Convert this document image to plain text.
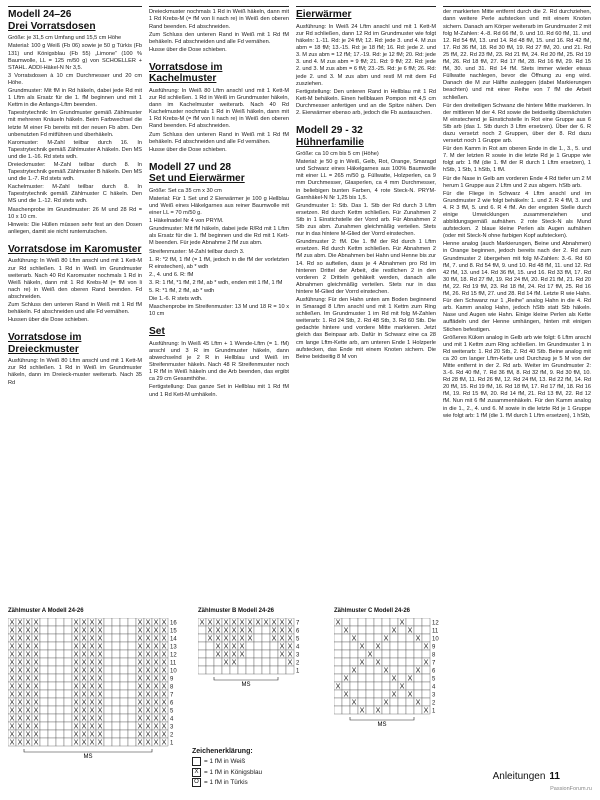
Modell 24–26
Drei Vorratsdosen

Größe: je 31,5 cm Umfang und 15,5 cm Höhe

Material: 100 g Weiß (Fb 06) sowie je 50 g Türkis (Fb 131) und Königsblau (Fb 55) „Limone“ (100 % Baumwolle, LL = 125 m/50 g) von SCHOELLER + STAHL. ADDI-Häkel-N Nr 3,5.

3 Vorratsdosen à 10 cm Durchmesser und 20 cm Höhe.

Grundmuster: Mit fM in Rd häkeln, dabei jede Rd mit 1 Lftm als Ersatz für die 1. fM beginnen und mit 1 Kettm in die Anfangs-Lftm beenden.

Tapestrytechnik: Im Grundmuster gemäß Zählmuster mit mehreren Knäueln häkeln. Beim Farbwechsel die letzte M einer Fb bereits mit der neuen Fb abm. Den unbenutzten Fd mitführen und überhäkeln.

Karomuster: M-Zahl teilbar durch 16. In Tapestrytechnik gemäß Zählmuster A häkeln. Den MS und die 1.-16. Rd stets wdh.

Dreieckmuster: M-Zahl teilbar durch 8. In Tapestrytechnik gemäß Zählmuster B häkeln. Den MS und die 1.-7. Rd stets wdh.

Kachelmuster: M-Zahl teilbar durch 8. In Tapestrytechnik gemäß Zählmuster C häkeln. Den MS und die 1.-12. Rd stets wdh.

Maschenprobe im Grundmuster: 26 M und 28 Rd = 10 x 10 cm.

Hinweis: Die Hüllen müssen sehr fest an den Dosen anliegen, damit sie nicht runterrutschen.

Vorratsdose im Karomuster

Ausführung: In Weiß 80 Lftm anschl und mit 1 Kett-M zur Rd schließen. 1 Rd in Weiß im Grundmuster weiterarb. Nach 40 Rd Karomuster nochmals 1 Rd in Weiß häkeln, dann mit 1 Rd Krebs-M (= fM von li nach re) in Weiß den oberen Rand beenden. Fd abschneiden.

Zum Schluss den unteren Rand in Weiß mit 1 Rd fM behäkeln. Fd abschneiden und alle Fd vernähen.

Hussen über die Dose schieben.

Vorratsdose im Dreieckmuster

Ausführung: In Weiß 80 Lftm anschl und mit 1 Kett-M zur Rd schließen. 1 Rd in Weiß im Grundmuster häkeln, dann im Dreieck-muster weiterarb. Nach 35 Rd

Dreieckmuster nochmals 1 Rd in Weiß häkeln, dann mit 1 Rd Krebs-M (= fM von li nach re) in Weiß den oberen Rand beenden. Fd abschneiden.

Zum Schluss den unteren Rand in Weiß mit 1 Rd fM behäkeln. Fd abschneiden und alle Fd vernähen.

Husse über die Dose schieben.

Vorratsdose im Kachelmuster

Ausführung: In Weiß 80 Lftm anschl und mit 1 Kett-M zur Rd schließen. 1 Rd in Weiß im Grundmuster häkeln, dann im Kachelmuster weiterarb. Nach 40 Rd Kachelmuster nochmals 1 Rd in Weiß häkeln, dann mit 1 Rd Krebs-M (= fM von li nach re) in Weiß den oberen Rand beenden. Fd abschneiden.

Zum Schluss den unteren Rand in Weiß mit 1 Rd fM behäkeln. Fd abschneiden und alle Fd vernähen.

Husse über die Dose schieben.

Modell 27 und 28
Set und Eierwärmer

Größe: Set ca 35 cm x 30 cm

Material: Für 1 Set und 2 Eierwärmer je 100 g Hellblau und Weiß eines Häkelgarnes aus reiner Baumwolle mit einer LL = 70 m/50 g.

1 Häkelnadel Nr 4 von PRYM.

Grundmuster: Mit fM häkeln, dabei jede R/Rd mit 1 Lftm als Ersatz für die 1. fM beginnen und die Rd mit 1 Kett-M beenden. Für jede Abnahme 2 fM zus abm.

Streifenmuster: M-Zahl teilbar durch 3.

1. R: *2 fM, 1 fM (= 1 fM, jedoch in die fM der vorletzten R einstechen), ab * wdh

2., 4. und 6. R: fM

3. R: 1 fM, *1 fM, 2 fM, ab * wdh, enden mit 1 fM, 1 fM

5. R: *1 fM, 2 fM, ab * wdh

Die 1.-6. R stets wdh.

Maschenprobe im Streifenmuster: 13 M und 18 R = 10 x 10 cm

Set

Ausführung: In Weiß 45 Lftm + 1 Wende-Lftm (= 1. fM) anschl und 3 R im Grundmuster häkeln, dann abwechselnd je 2 R in Hellblau und Weiß im Streifenmuster häkeln. Nach 48 R Streifenmuster noch 1 R fM in Weiß häkeln und die Arb beenden, das ergibt ca 29 cm Gesamthöhe.

Fertigstellung: Das ganze Set in Hellblau mit 1 Rd fM und 1 Rd Kett-M umhäkeln.

Eierwärmer

Ausführung: In Weiß 24 Lftm anschl und mit 1 Kett-M zur Rd schließen, dann 12 Rd im Grundmuster wie folgt häkeln: 1.-11. Rd: je 24 fM; 12. Rd: jede 3. und 4. M zus abm = 18 fM; 13.-15. Rd: je 18 fM; 16. Rd: jede 2. und 3. M zus abm = 12 fM; 17.-19. Rd: je 12 fM; 20. Rd: jede 3. und 4. M zus abm = 9 fM; 21. Rd: 9 fM; 22. Rd: jede 2. und 3. M zus abm = 6 fM; 23.-25. Rd: je 6 fM; 26. Rd: jede 2. und 3. M zus abm und restl M mit dem Fd zusziehen.

Fertigstellung: Den unteren Rand in Hellblau mit 1 Rd Kett-M behäkeln. Einen hellblauen Pompon mit 4,5 cm Durchmesser anfertigen und an die Spitze nähen. Den 2. Eierwärmer ebenso arb, jedoch die Fb austauschen.

Modell 29 - 32
Hühnerfamilie

Größe: ca 10 cm bis 5 cm (Höhe)

Material: je 50 g in Weiß, Gelb, Rot, Orange, Smaragd und Schwarz eines Häkelgarnes aus 100% Baumwolle mit einer LL = 265 m/50 g. Füllwatte, Holzperlen, ca 9 mm Durchmesser, Glasperlen, ca 4 mm Durchmesser, in beliebigen bunten Farben, 4 rote Steck-N. PRYM-Garnhäkel-N Nr 1,25 bis 1,5.

Grundmuster 1: Stb. Das 1. Stb der Rd durch 3 Lftm ersetzen. Rd durch Kettm schließen. Für Zunahmen 2 Stb in 1 Einstichstelle der Vorrd arb. Für Abnahmen 2 Stb zus abm. Zunahmen gleichmäßig verteilen. Stets nur in das hintere M-Glied der Vorrd einstechen.

Grundmuster 2: fM. Die 1. fM der Rd durch 1 Lftm ersetzen. Rd durch Kettm schließen. Für Abnahmen 2 fM zus abm. Die Abnahmen bei Hahn und Henne bis zur 14. Rd so aufteilen, dass je 4 Abnahmen pro Rd im hinteren Drittel der Arbeit, die restlichen 2 in den vorderen 2 Dritteln gehäkelt werden, danach alle Abnahmen gleichmäßig verteilen. Stets nur in das hintere M-Glied der Vorrd einstechen.

Ausführung: Für den Hahn unten am Boden beginnend in Smaragd 8 Lftm anschl und mit 1 Kettm zum Ring schließen. Im Grundmuster 1 im Rd mit folg M-Zahlen weiterarb: 1. Rd 24 Stb, 2. Rd 48 Stb, 3. Rd 60 Stb. Die gedachte hintere und vordere Mitte markieren. Jetzt gleich das Beinpaar arb. Dafür in Schwarz eine ca 28 cm lange Lftm-Kette arb, am unteren Ende 1 Holzperle aufstecken, das Ende mit einem Knoten sichern. Die Beine beidseitig 8 M von

der markierten Mitte entfernt durch die 2. Rd durchziehen, dann weitere Perle aufstecken und mit einem Knoten sichern. Danach am Körper weiterarb im Grundmuster 2 mit folg M-Zahlen: 4.-8. Rd 66 fM, 9. und 10. Rd 60 fM, 11. und 12. Rd 54 fM, 13. und 14. Rd 48 fM, 15. und 16. Rd 42 fM, 17. Rd 36 fM, 18. Rd 30 fM, 19. Rd 27 fM, 20. und 21. Rd 25 fM, 22. Rd 23 fM, 23. Rd 21 fM, 24. Rd 20 fM, 25. Rd 19 fM, 26. Rd 18 fM, 27. Rd 17 fM, 28. Rd 16 fM, 29. Rd 15 fM, 30. und 31. Rd 14 fM. Stets immer wieder etwas Füllwatte nachlegen, bevor die Öffnung zu eng wird. Danach die M zur Hälfte zusleggen (dabei Markierungen beachten) und mit einer Reihe von 7 fM die Arbeit schließen.

Für den dreiteiligen Schwanz die hintere Mitte markieren. In der mittleren M der 4. Rd sowie die beidseitig übernächsten M einstechend je Einstichstelle in Rot eine Gruppe aus 6 Stb arb (das 1. Stb durch 3 Lftm ersetzen). Über der 6. R dazu versetzt noch 2 Gruppen, über der 8. Rd dazu versetzt noch 1 Gruppe arb.

Für den Kamm in Rot am oberen Ende in die 1., 3., 5. und 7. M der letzten R sowie in die letzte Rd je 1 Gruppe wie folgt arb: 1 fM (die 1. fM der R durch 1 Lftm ersetzen), 1 hStb, 1 Stb, 1 hStb, 1 fM.

Für die Nase in Gelb am vorderen Ende 4 Rd tiefer um 2 M herum 1 Gruppe aus 2 Lftm und 2 zus abgem. hStb arb.

Für die Fliege in Schwarz 4 Lftm anschl und im Grundmuster 2 wie folgt behäkeln: 1. und 2. R 4 fM, 3. und 4. R 3 fM, 5. und 6. R 4 fM. An der engsten Stelle durch einige Umwicklungen zusammenziehen und abbildungsgemäß aufnähen. 2 rote Steck-N als Mund aufstecken. 2 blaue kleine Perlen als Augen aufnähen (oder mit Steck-N ohne farbigen Kopf aufstecken).

Henne analog (auch Markierungen, Beine und Abnahmen) in Orange beginnen, jedoch bereits nach der 2. Rd zum Grundmuster 2 übergehen mit folg M-Zahlen: 3.-6. Rd 60 fM, 7. und 8. Rd 54 fM, 9. und 10. Rd 48 fM, 11. und 12. Rd 42 fM, 13. und 14. Rd 36 fM, 15. und 16. Rd 33 fM, 17. Rd 30 fM, 18. Rd 27 fM, 19. Rd 24 fM, 20. Rd 21 fM, 21. Rd 20 fM, 22. Rd 19 fM, 23. Rd 18 fM, 24. Rd 17 fM, 25. Rd 16 fM, 26. Rd 15 fM, 27. und 28. Rd 14 fM. Letzte R wie Hahn. Für den Schwanz nur 1 „Reihe“ analog Hahn in die 4. Rd arb. Kamm analog Hahn, jedoch hStb statt Stb häkeln. Nase und Augen wie Hahn. Einige kleine Perlen als Kette auffädeln und der Henne umhängen, hinten mit einigen Stichen befestigen.

Größeres Küken analog in Gelb arb wie folgt: 6 Lftm anschl und mit 1 Kettm zum Ring schließen. Im Grundmuster 1 in Rd weiterarb: 1. Rd 20 Stb, 2. Rd 40 Stb. Beine analog mit ca 20 cm langer Lftm-Kette und Durchzug je 5 M von der Mitte entfernt in der 2. Rd arb. Weiter im Grundmuster 2: 3.-6. Rd 40 fM, 7. Rd 36 fM, 8. Rd 32 fM, 9. Rd 30 fM, 10. Rd 28 fM, 11. Rd 26 fM, 12. Rd 24 fM, 13. Rd 22 fM, 14. Rd 20 fM, 15. Rd 19 fM, 16. Rd 18 fM, 17. Rd 17 fM, 18. Rd 16 fM, 19. Rd 15 fM, 20. Rd 14 fM, 21. Rd 13 fM, 22. Rd 12 fM. Nun mit 6 fM zusammenhäkeln. Für den Kamm analog in die 1., 2., 4. und 6. M sowie in die letzte Rd je 1 Gruppe wie folgt arb: 1 fM (die 1. fM durch 1 Lftm ersetzen), 1 hStb,

Zählmuster A Modell 24-26	Zählmuster B Modell 24-26	Zählmuster C Modell 24-26
X X X X	X X X X	X X X X 16
X X X X	X X X X	X X X X 15
X X X X	X X X X	X X X X 14
X X X X	X X X X	X X X X 13
X X X X	X X X X	X X X X 12
X X X X	X X X X	X X X X 11
X X X X	X X X X	X X X X 10
X X X X	X X X X	X X X X 9
X X X X	X X X X	X X X X 8
X X X X	X X X X	X X X X 7
X X X X	X X X X	X X X X 6
X X X X	X X X X	X X X X 5
X X X X	X X X X	X X X X 4
X X X X	X X X X	X X X X 3
X X X X	X X X X	X X X X 2
X X X X	X X X X	X X X X 1
MS
X X X X X X X X X X X X 7
X X X X X X	X X X 6
X X X X X X	X X X 5
X X X X	X X 4
X X X X	X X 3
X X	X 2
1
MS
X	X	12
X	X X	11
X	X	X 10
X X	X 9
X	8
X X	X 7
X	X	X 6
X	X X	5
X	X	4
X	X X	3
X	X	X 2
X X	X 1
MS
Zeichenerklärung:
= 1 fM in Weiß
X = 1 fM in Königsblau
O = 1 fM in Türkis
Anleitungen 11
PassionForum.ru
